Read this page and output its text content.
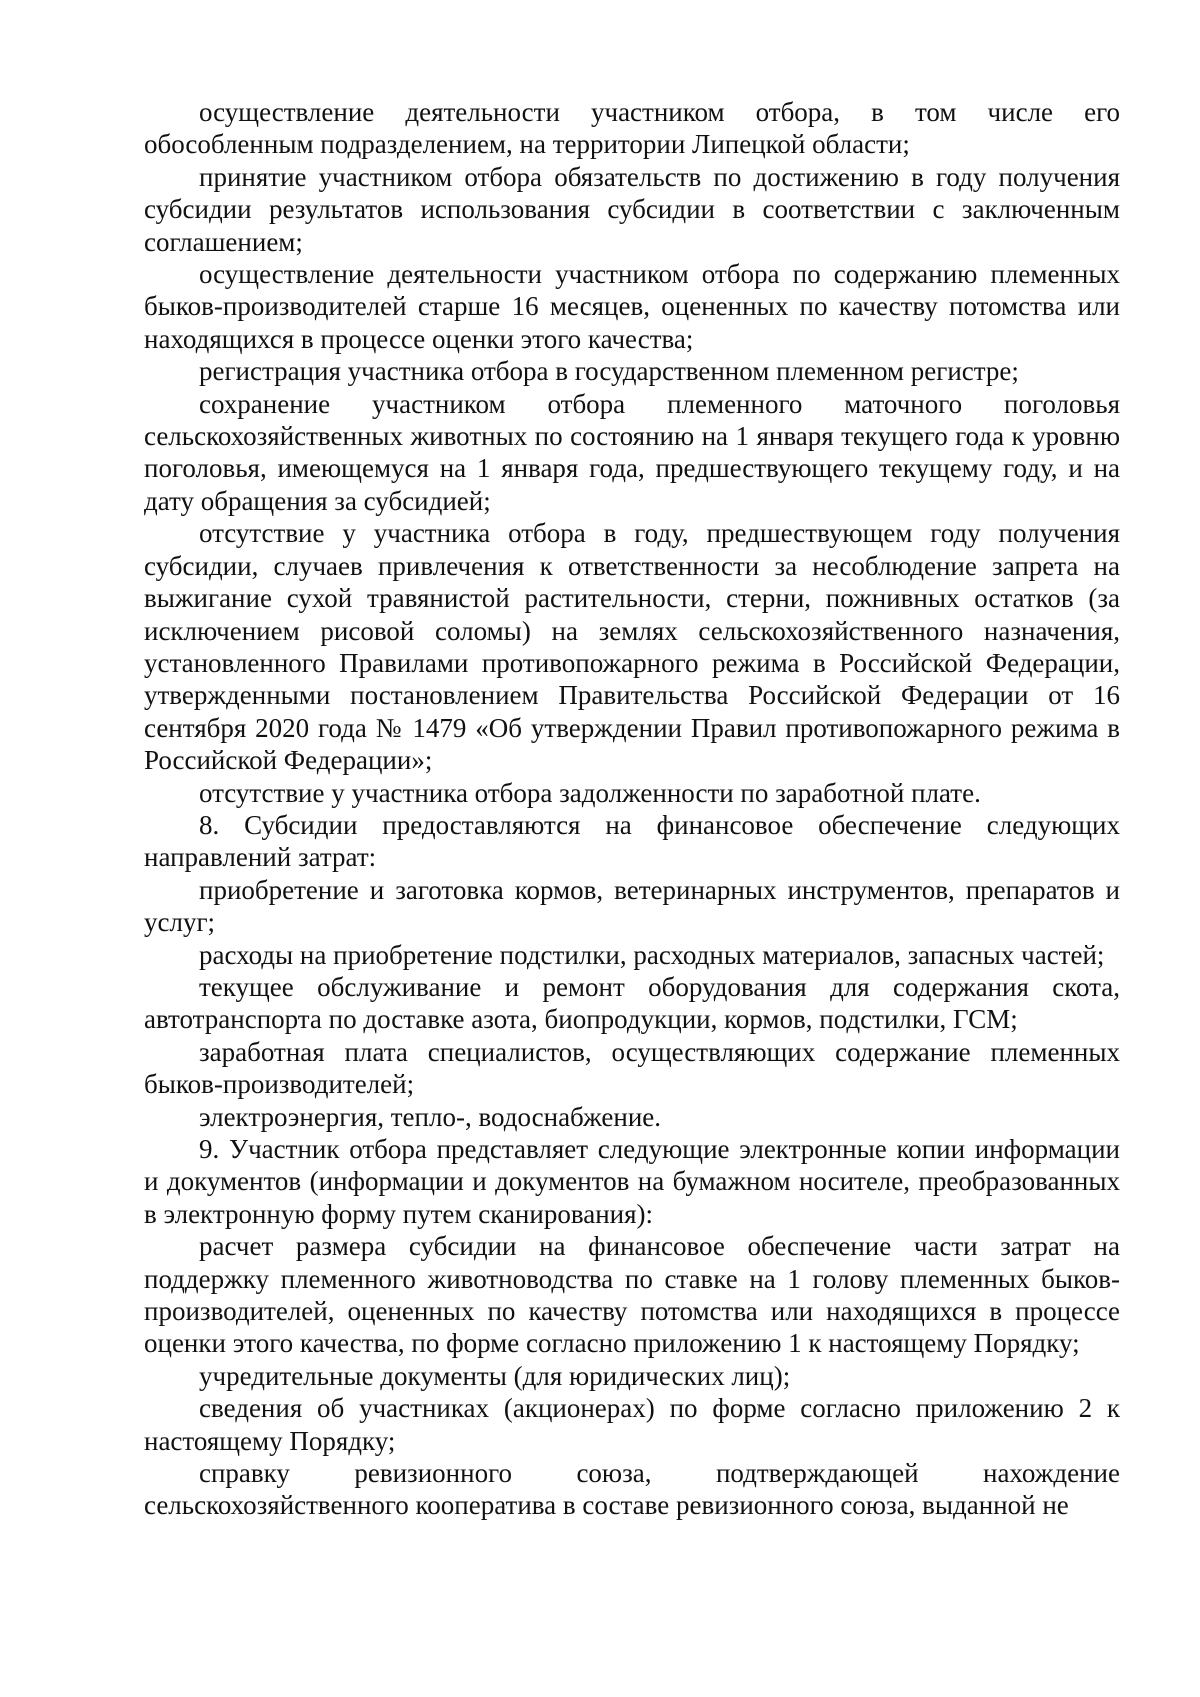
осуществление деятельности участником отбора, в том числе его обособленным подразделением, на территории Липецкой области;

принятие участником отбора обязательств по достижению в году получения субсидии результатов использования субсидии в соответствии с заключенным соглашением;

осуществление деятельности участником отбора по содержанию племенных быков-производителей старше 16 месяцев, оцененных по качеству потомства или находящихся в процессе оценки этого качества;

регистрация участника отбора в государственном племенном регистре;

сохранение участником отбора племенного маточного поголовья сельскохозяйственных животных по состоянию на 1 января текущего года к уровню поголовья, имеющемуся на 1 января года, предшествующего текущему году, и на дату обращения за субсидией;

отсутствие у участника отбора в году, предшествующем году получения субсидии, случаев привлечения к ответственности за несоблюдение запрета на выжигание сухой травянистой растительности, стерни, пожнивных остатков (за исключением рисовой соломы) на землях сельскохозяйственного назначения, установленного Правилами противопожарного режима в Российской Федерации, утвержденными постановлением Правительства Российской Федерации от 16 сентября 2020 года № 1479 «Об утверждении Правил противопожарного режима в Российской Федерации»;

отсутствие у участника отбора задолженности по заработной плате.

8. Субсидии предоставляются на финансовое обеспечение следующих направлений затрат:

приобретение и заготовка кормов, ветеринарных инструментов, препаратов и услуг;

расходы на приобретение подстилки, расходных материалов, запасных частей;

текущее обслуживание и ремонт оборудования для содержания скота, автотранспорта по доставке азота, биопродукции, кормов, подстилки, ГСМ;

заработная плата специалистов, осуществляющих содержание племенных быков-производителей;

электроэнергия, тепло-, водоснабжение.

9. Участник отбора представляет следующие электронные копии информации и документов (информации и документов на бумажном носителе, преобразованных в электронную форму путем сканирования):

расчет размера субсидии на финансовое обеспечение части затрат на поддержку племенного животноводства по ставке на 1 голову племенных быков-производителей, оцененных по качеству потомства или находящихся в процессе оценки этого качества, по форме согласно приложению 1 к настоящему Порядку;

учредительные документы (для юридических лиц);

сведения об участниках (акционерах) по форме согласно приложению 2 к настоящему Порядку;

справку ревизионного союза, подтверждающей нахождение сельскохозяйственного кооператива в составе ревизионного союза, выданной не
